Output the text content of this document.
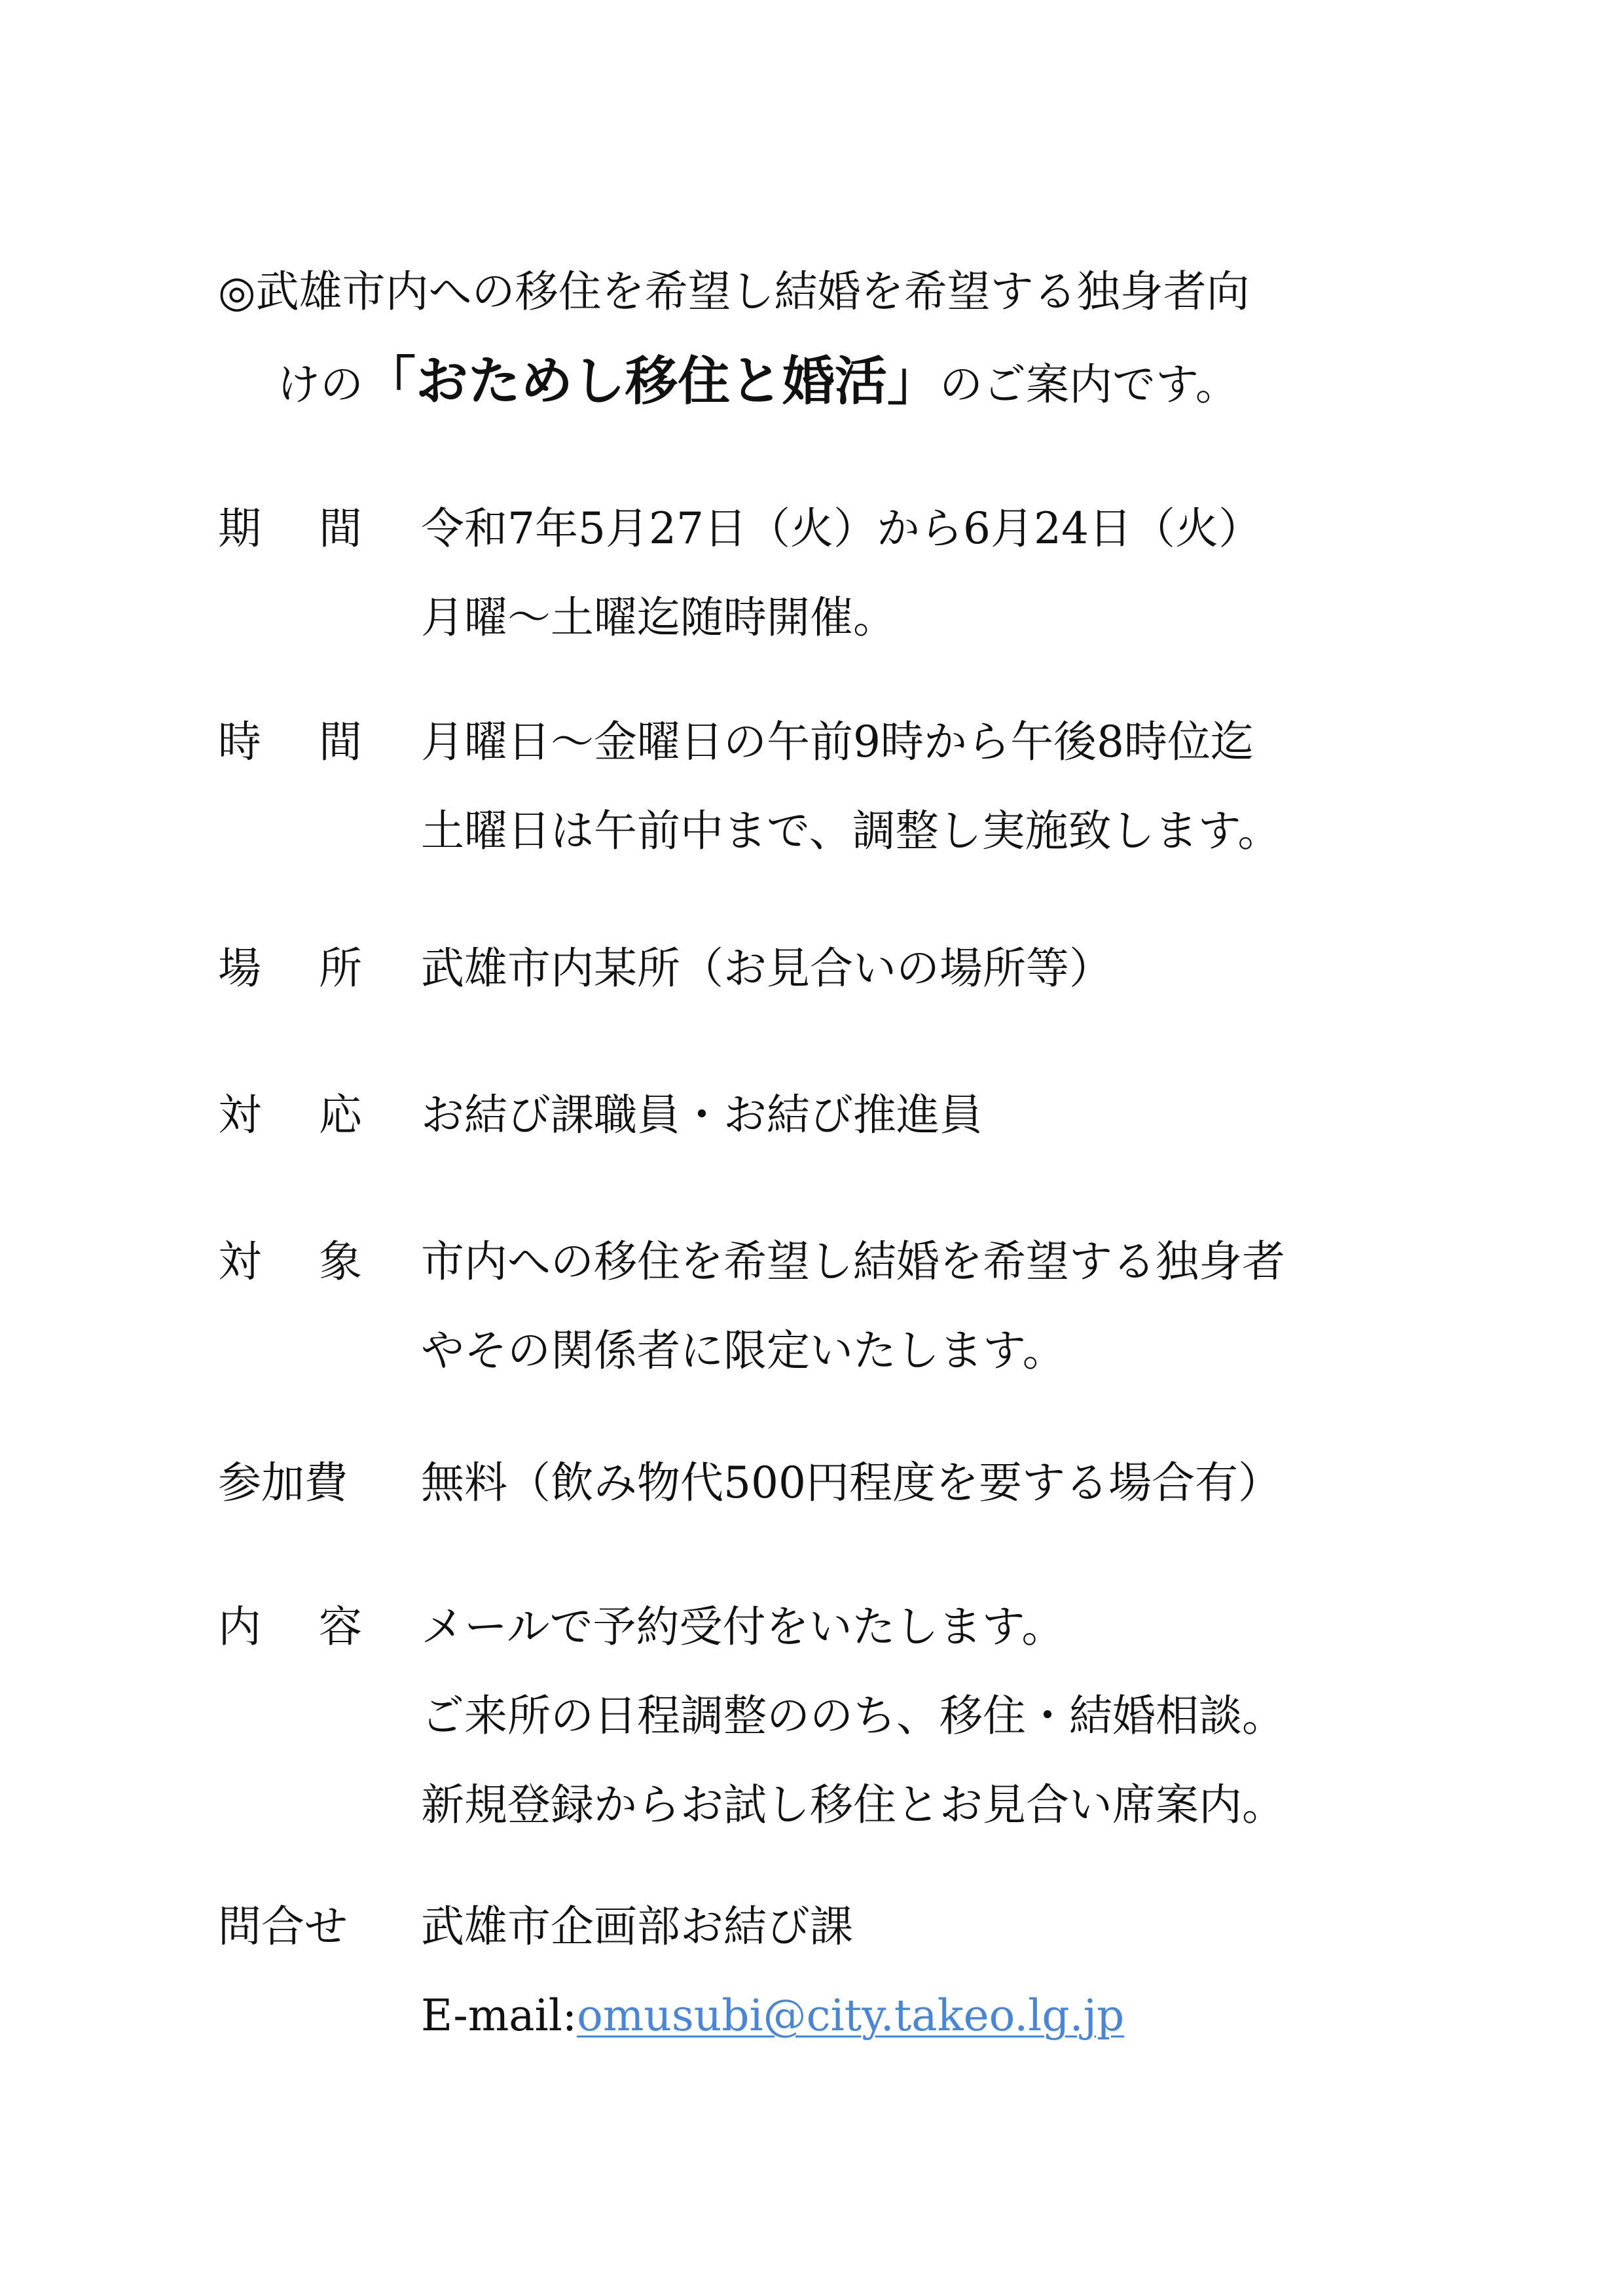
◎武雄市内への移住を希望し結婚を希望する独身者向
けの「おためし移住と婚活」のご案内です。
期間 令和7年5月27日（火）から6月24日（火）
月曜〜土曜迄随時開催。
時間 月曜日〜金曜日の午前9時から午後8時位迄
土曜日は午前中まで、調整し実施致します。
場所 武雄市内某所（お見合いの場所等）
対応 お結び課職員・お結び推進員
対象 市内への移住を希望し結婚を希望する独身者
やその関係者に限定いたします。
参加費	無料（飲み物代500円程度を要する場合有）
内容 メールで予約受付をいたします。
ご来所の日程調整ののち、移住・結婚相談。
新規登録からお試し移住とお見合い席案内。
問合せ	武雄市企画部お結び課
E-mail:omusubi@city.takeo.lg.jp
